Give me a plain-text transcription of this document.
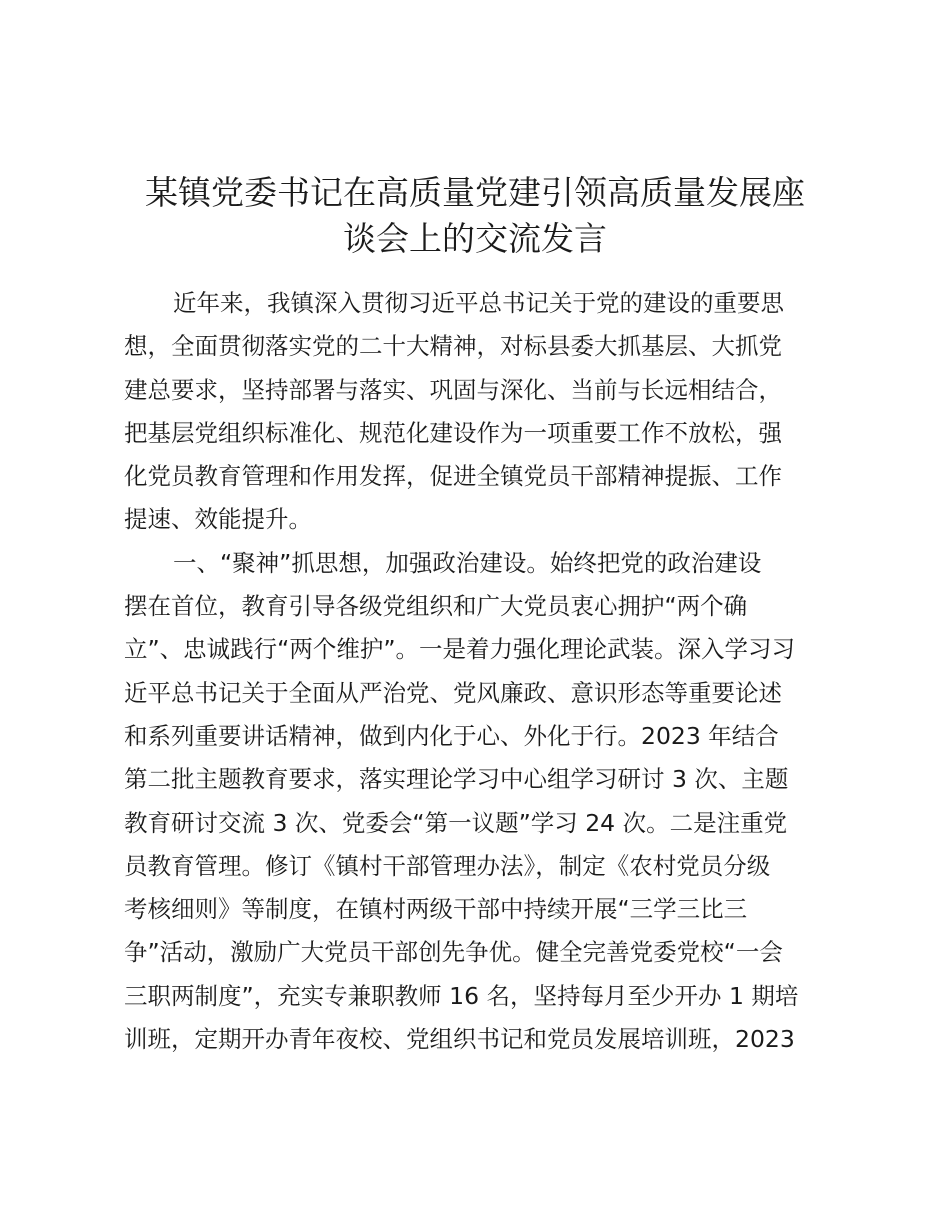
某镇党委书记在高质量党建引领高质量发展座
谈会上的交流发言
近年来，我镇深入贯彻习近平总书记关于党的建设的重要思
想，全面贯彻落实党的二十大精神，对标县委大抓基层、大抓党
建总要求，坚持部署与落实、巩固与深化、当前与长远相结合，
把基层党组织标准化、规范化建设作为一项重要工作不放松，强
化党员教育管理和作用发挥，促进全镇党员干部精神提振、工作
提速、效能提升。
一、“聚神”抓思想，加强政治建设。始终把党的政治建设
摆在首位，教育引导各级党组织和广大党员衷心拥护“两个确
立”、忠诚践行“两个维护”。一是着力强化理论武装。深入学习习
近平总书记关于全面从严治党、党风廉政、意识形态等重要论述
和系列重要讲话精神，做到内化于心、外化于行。2023 年结合
第二批主题教育要求，落实理论学习中心组学习研讨 3 次、主题
教育研讨交流 3 次、党委会“第一议题”学习 24 次。二是注重党
员教育管理。修订《镇村干部管理办法》，制定《农村党员分级
考核细则》等制度，在镇村两级干部中持续开展“三学三比三
争”活动，激励广大党员干部创先争优。健全完善党委党校“一会
三职两制度”，充实专兼职教师 16 名，坚持每月至少开办 1 期培
训班，定期开办青年夜校、党组织书记和党员发展培训班，2023
